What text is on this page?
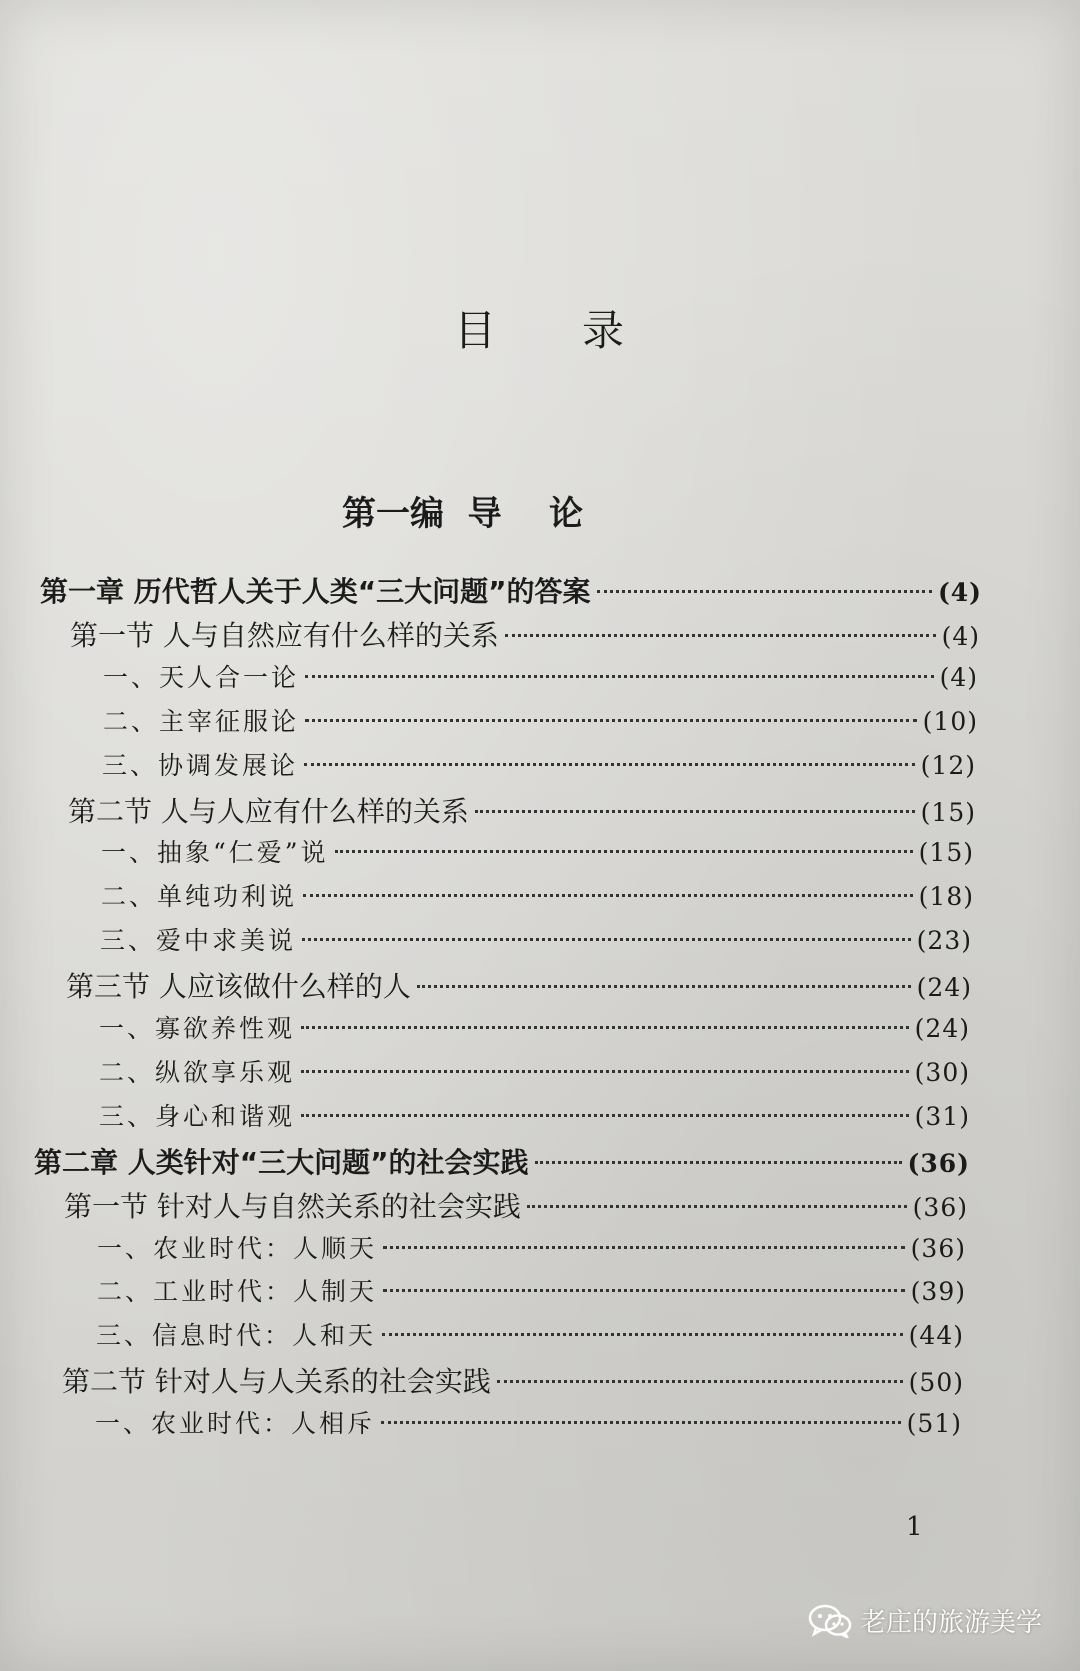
目 录
第一编  导    论
第一章 历代哲人关于人类“三大问题”的答案	(4)
第一节 人与自然应有什么样的关系	(4)
一、天人合一论	(4)
二、主宰征服论	(10)
三、协调发展论	(12)
第二节 人与人应有什么样的关系	(15)
一、抽象“仁爱”说	(15)
二、单纯功利说	(18)
三、爱中求美说	(23)
第三节 人应该做什么样的人	(24)
一、寡欲养性观	(24)
二、纵欲享乐观	(30)
三、身心和谐观	(31)
第二章 人类针对“三大问题”的社会实践	(36)
第一节 针对人与自然关系的社会实践	(36)
一、农业时代：人顺天	(36)
二、工业时代：人制天	(39)
三、信息时代：人和天	(44)
第二节 针对人与人关系的社会实践	(50)
一、农业时代：人相斥	(51)
1
老庄的旅游美学
